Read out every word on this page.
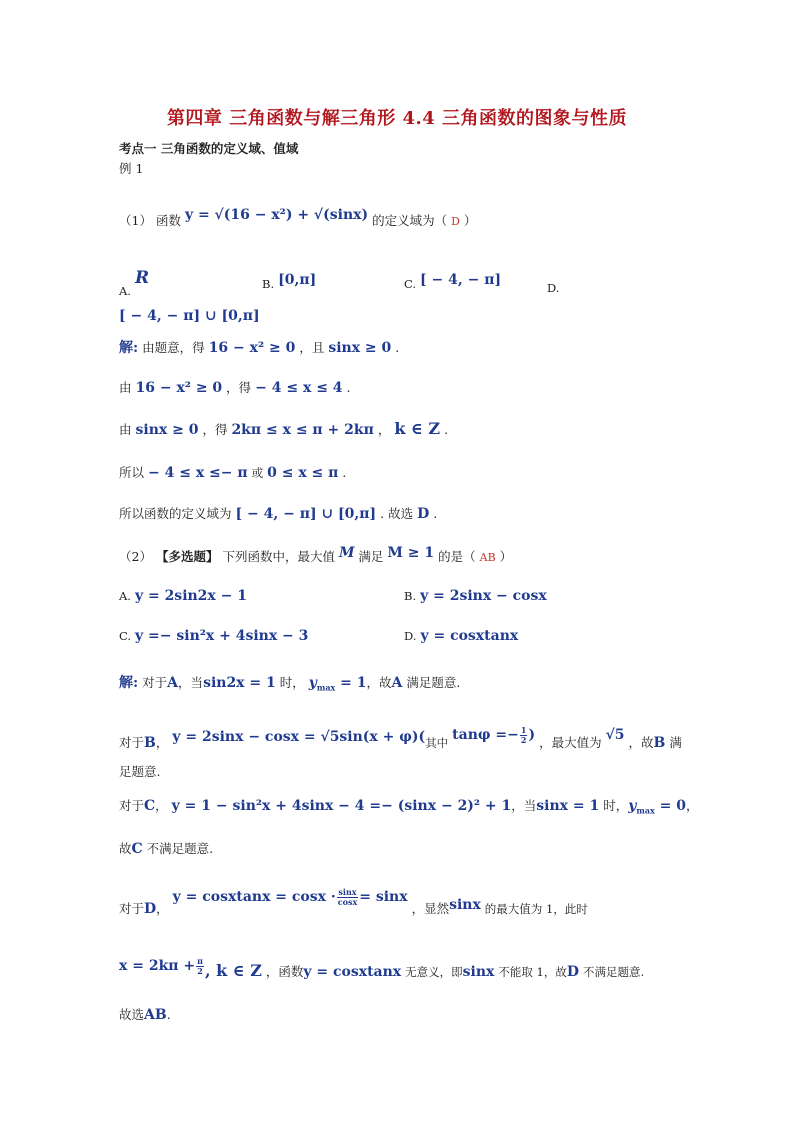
第四章 三角函数与解三角形 4.4 三角函数的图象与性质
考点一 三角函数的定义域、值域
例 1
（1） 函数 y = √(16 − x²) + √(sinx) 的定义域为（ D ）
A. R	B. [0,π]	C. [ − 4, − π]	D.
[ − 4, − π] ∪ [0,π]
解: 由题意，得 16 − x² ≥ 0 ，且 sinx ≥ 0 .
由 16 − x² ≥ 0 ，得 − 4 ≤ x ≤ 4 .
由 sinx ≥ 0 ，得 2kπ ≤ x ≤ π + 2kπ ， k ∈ Z .
所以 − 4 ≤ x ≤− π 或 0 ≤ x ≤ π .
所以函数的定义域为 [ − 4, − π] ∪ [0,π] . 故选 D .
（2） 【多选题】 下列函数中，最大值 M 满足 M ≥ 1 的是（ AB ）
A. y = 2sin2x − 1	B. y = 2sinx − cosx
C. y =− sin²x + 4sinx − 3	D. y = cosxtanx
解: 对于A，当sin2x = 1 时， $y_{max} = 1$，故A 满足题意.
对于B， y = 2sinx − cosx = √5sin(x + φ)(其中 $\tan\varphi =- \frac{1}{2}$ ) ，最大值为 √5 ，故B 满
足题意.
对于C， y = 1 − sin²x + 4sinx − 4 =− (sinx − 2)² + 1，当sinx = 1 时，$y_{max} = 0$，
故C 不满足题意.
对于D， y = cosxtanx = $\cos x \cdot \frac{\sin x}{\cos x} = \sin x$ ，显然sinx 的最大值为 1，此时
$x = 2k\pi + \frac{\pi}{2}$ , k ∈ Z ，函数y = cosxtanx 无意义，即sinx 不能取 1，故D 不满足题意.
故选AB.
